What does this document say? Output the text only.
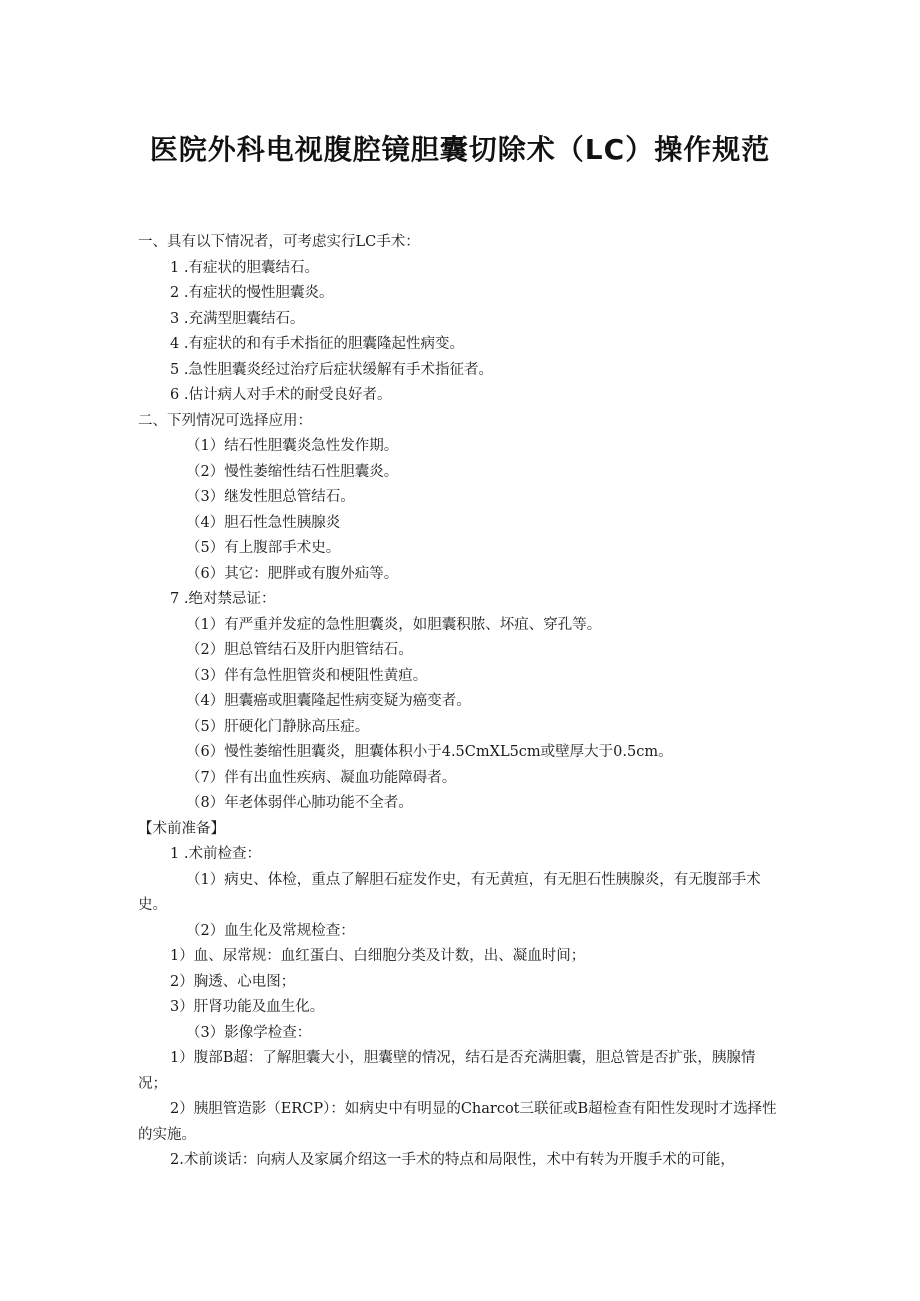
医院外科电视腹腔镜胆囊切除术（LC）操作规范

一、具有以下情况者，可考虑实行LC手术：

1 .有症状的胆囊结石。

2 .有症状的慢性胆囊炎。

3 .充满型胆囊结石。

4 .有症状的和有手术指征的胆囊隆起性病变。

5 .急性胆囊炎经过治疗后症状缓解有手术指征者。

6 .估计病人对手术的耐受良好者。

二、下列情况可选择应用：

（1）结石性胆囊炎急性发作期。

（2）慢性萎缩性结石性胆囊炎。

（3）继发性胆总管结石。

（4）胆石性急性胰腺炎

（5）有上腹部手术史。

（6）其它：肥胖或有腹外疝等。

7 .绝对禁忌证：

（1）有严重并发症的急性胆囊炎，如胆囊积脓、坏疽、穿孔等。

（2）胆总管结石及肝内胆管结石。

（3）伴有急性胆管炎和梗阻性黄疸。

（4）胆囊癌或胆囊隆起性病变疑为癌变者。

（5）肝硬化门静脉高压症。

（6）慢性萎缩性胆囊炎，胆囊体积小于4.5CmXL5cm或壁厚大于0.5cm。

（7）伴有出血性疾病、凝血功能障碍者。

（8）年老体弱伴心肺功能不全者。

【术前准备】

1 .术前检查：

（1）病史、体检，重点了解胆石症发作史，有无黄疸，有无胆石性胰腺炎，有无腹部手术史。

（2）血生化及常规检查：

1）血、尿常规：血红蛋白、白细胞分类及计数，出、凝血时间；

2）胸透、心电图；

3）肝肾功能及血生化。

（3）影像学检查：

1）腹部B超：了解胆囊大小，胆囊壁的情况，结石是否充满胆囊，胆总管是否扩张，胰腺情况；

2）胰胆管造影（ERCP）：如病史中有明显的Charcot三联征或B超检查有阳性发现时才选择性的实施。

2.术前谈话：向病人及家属介绍这一手术的特点和局限性，术中有转为开腹手术的可能，
